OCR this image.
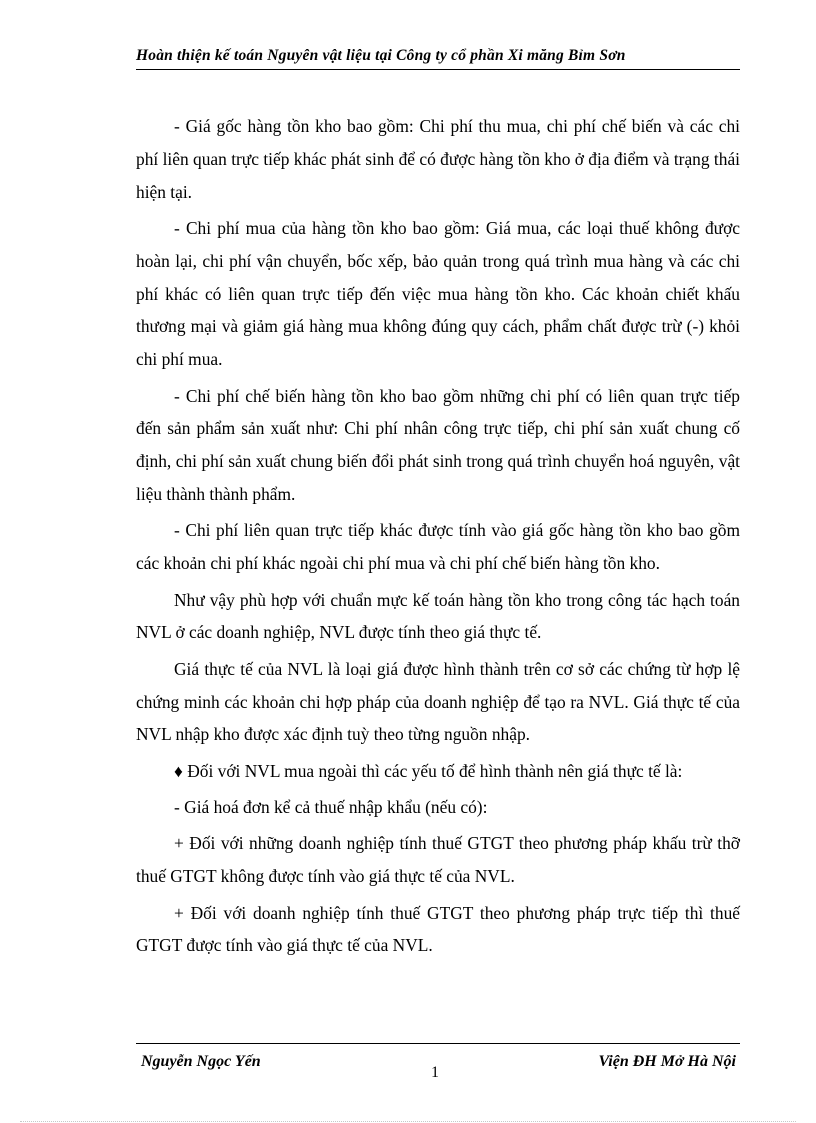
Hoàn thiện kế toán Nguyên vật liệu tại Công ty cổ phần Xi măng Bỉm Sơn

- Giá gốc hàng tồn kho bao gồm: Chi phí thu mua, chi phí chế biến và các chi phí liên quan trực tiếp khác phát sinh để có được hàng tồn kho ở địa điểm và trạng thái hiện tại.

- Chi phí mua của hàng tồn kho bao gồm: Giá mua, các loại thuế không được hoàn lại, chi phí vận chuyển, bốc xếp, bảo quản trong quá trình mua hàng và các chi phí khác có liên quan trực tiếp đến việc mua hàng tồn kho. Các khoản chiết khấu thương mại và giảm giá hàng mua không đúng quy cách, phẩm chất được trừ (-) khỏi chi phí mua.

- Chi phí chế biến hàng tồn kho bao gồm những chi phí có liên quan trực tiếp đến sản phẩm sản xuất như: Chi phí nhân công trực tiếp, chi phí sản xuất chung cố định, chi phí sản xuất chung biến đổi phát sinh trong quá trình chuyển hoá nguyên, vật liệu thành thành phẩm.

- Chi phí liên quan trực tiếp khác được tính vào giá gốc hàng tồn kho bao gồm các khoản chi phí khác ngoài chi phí mua và chi phí chế biến hàng tồn kho.

Như vậy phù hợp với chuẩn mực kế toán hàng tồn kho trong công tác hạch toán NVL ở các doanh nghiệp, NVL được tính theo giá thực tế.

Giá thực tế của NVL là loại giá được hình thành trên cơ sở các chứng từ hợp lệ chứng minh các khoản chi hợp pháp của doanh nghiệp để tạo ra NVL. Giá thực tế của NVL nhập kho được xác định tuỳ theo từng nguồn nhập.

♦ Đối với NVL mua ngoài thì các yếu tố để hình thành nên giá thực tế là:

- Giá hoá đơn kể cả thuế nhập khẩu (nếu có):

+ Đối với những doanh nghiệp tính thuế GTGT theo phương pháp khấu trừ thỡ thuế GTGT không được tính vào giá thực tế của NVL.

+ Đối với doanh nghiệp tính thuế GTGT theo phương pháp trực tiếp thì thuế GTGT được tính vào giá thực tế của NVL.

Nguyễn Ngọc Yến
1
Viện ĐH Mở Hà Nội
